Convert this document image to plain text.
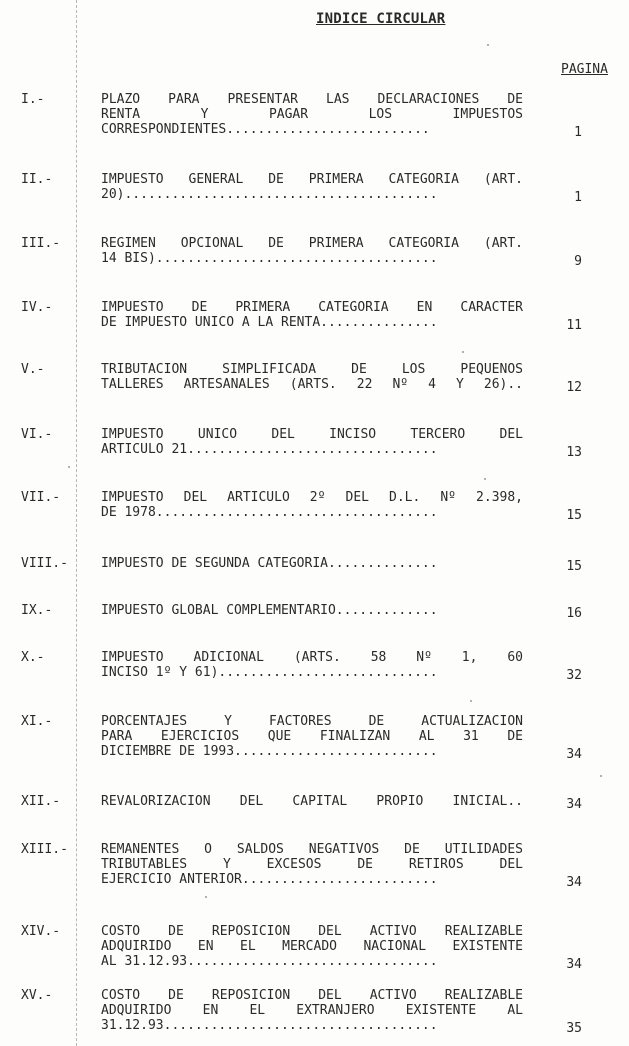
INDICE CIRCULAR
PAGINA
I.-	PLAZO PARA PRESENTAR LAS DECLARACIONES DE
RENTA Y PAGAR LOS IMPUESTOS
CORRESPONDIENTES..........................	1
II.-	IMPUESTO GENERAL DE PRIMERA CATEGORIA (ART.
20)........................................	1
III.-	REGIMEN OPCIONAL DE PRIMERA CATEGORIA (ART.
14 BIS)....................................	9
IV.-	IMPUESTO DE PRIMERA CATEGORIA EN CARACTER
DE IMPUESTO UNICO A LA RENTA...............	11
V.-	TRIBUTACION SIMPLIFICADA DE LOS PEQUEÑOS
TALLERES ARTESANALES (ARTS. 22 Nº 4 Y 26)..	12
VI.-	IMPUESTO UNICO DEL INCISO TERCERO DEL
ARTICULO 21................................	13
VII.-	IMPUESTO DEL ARTICULO 2º DEL D.L. Nº 2.398,
DE 1978....................................	15
VIII.-	IMPUESTO DE SEGUNDA CATEGORIA..............	15
IX.-	IMPUESTO GLOBAL COMPLEMENTARIO.............	16
X.-	IMPUESTO ADICIONAL (ARTS. 58 Nº 1, 60
INCISO 1º Y 61)............................	32
XI.-	PORCENTAJES Y FACTORES DE ACTUALIZACION
PARA EJERCICIOS QUE FINALIZAN AL 31 DE
DICIEMBRE DE 1993..........................	34
XII.-	REVALORIZACION DEL CAPITAL PROPIO INICIAL..	34
XIII.-	REMANENTES O SALDOS NEGATIVOS DE UTILIDADES
TRIBUTABLES Y EXCESOS DE RETIROS DEL
EJERCICIO ANTERIOR.........................	34
XIV.-	COSTO DE REPOSICION DEL ACTIVO REALIZABLE
ADQUIRIDO EN EL MERCADO NACIONAL EXISTENTE
AL 31.12.93................................	34
XV.-	COSTO DE REPOSICION DEL ACTIVO REALIZABLE
ADQUIRIDO EN EL EXTRANJERO EXISTENTE AL
31.12.93...................................	35
